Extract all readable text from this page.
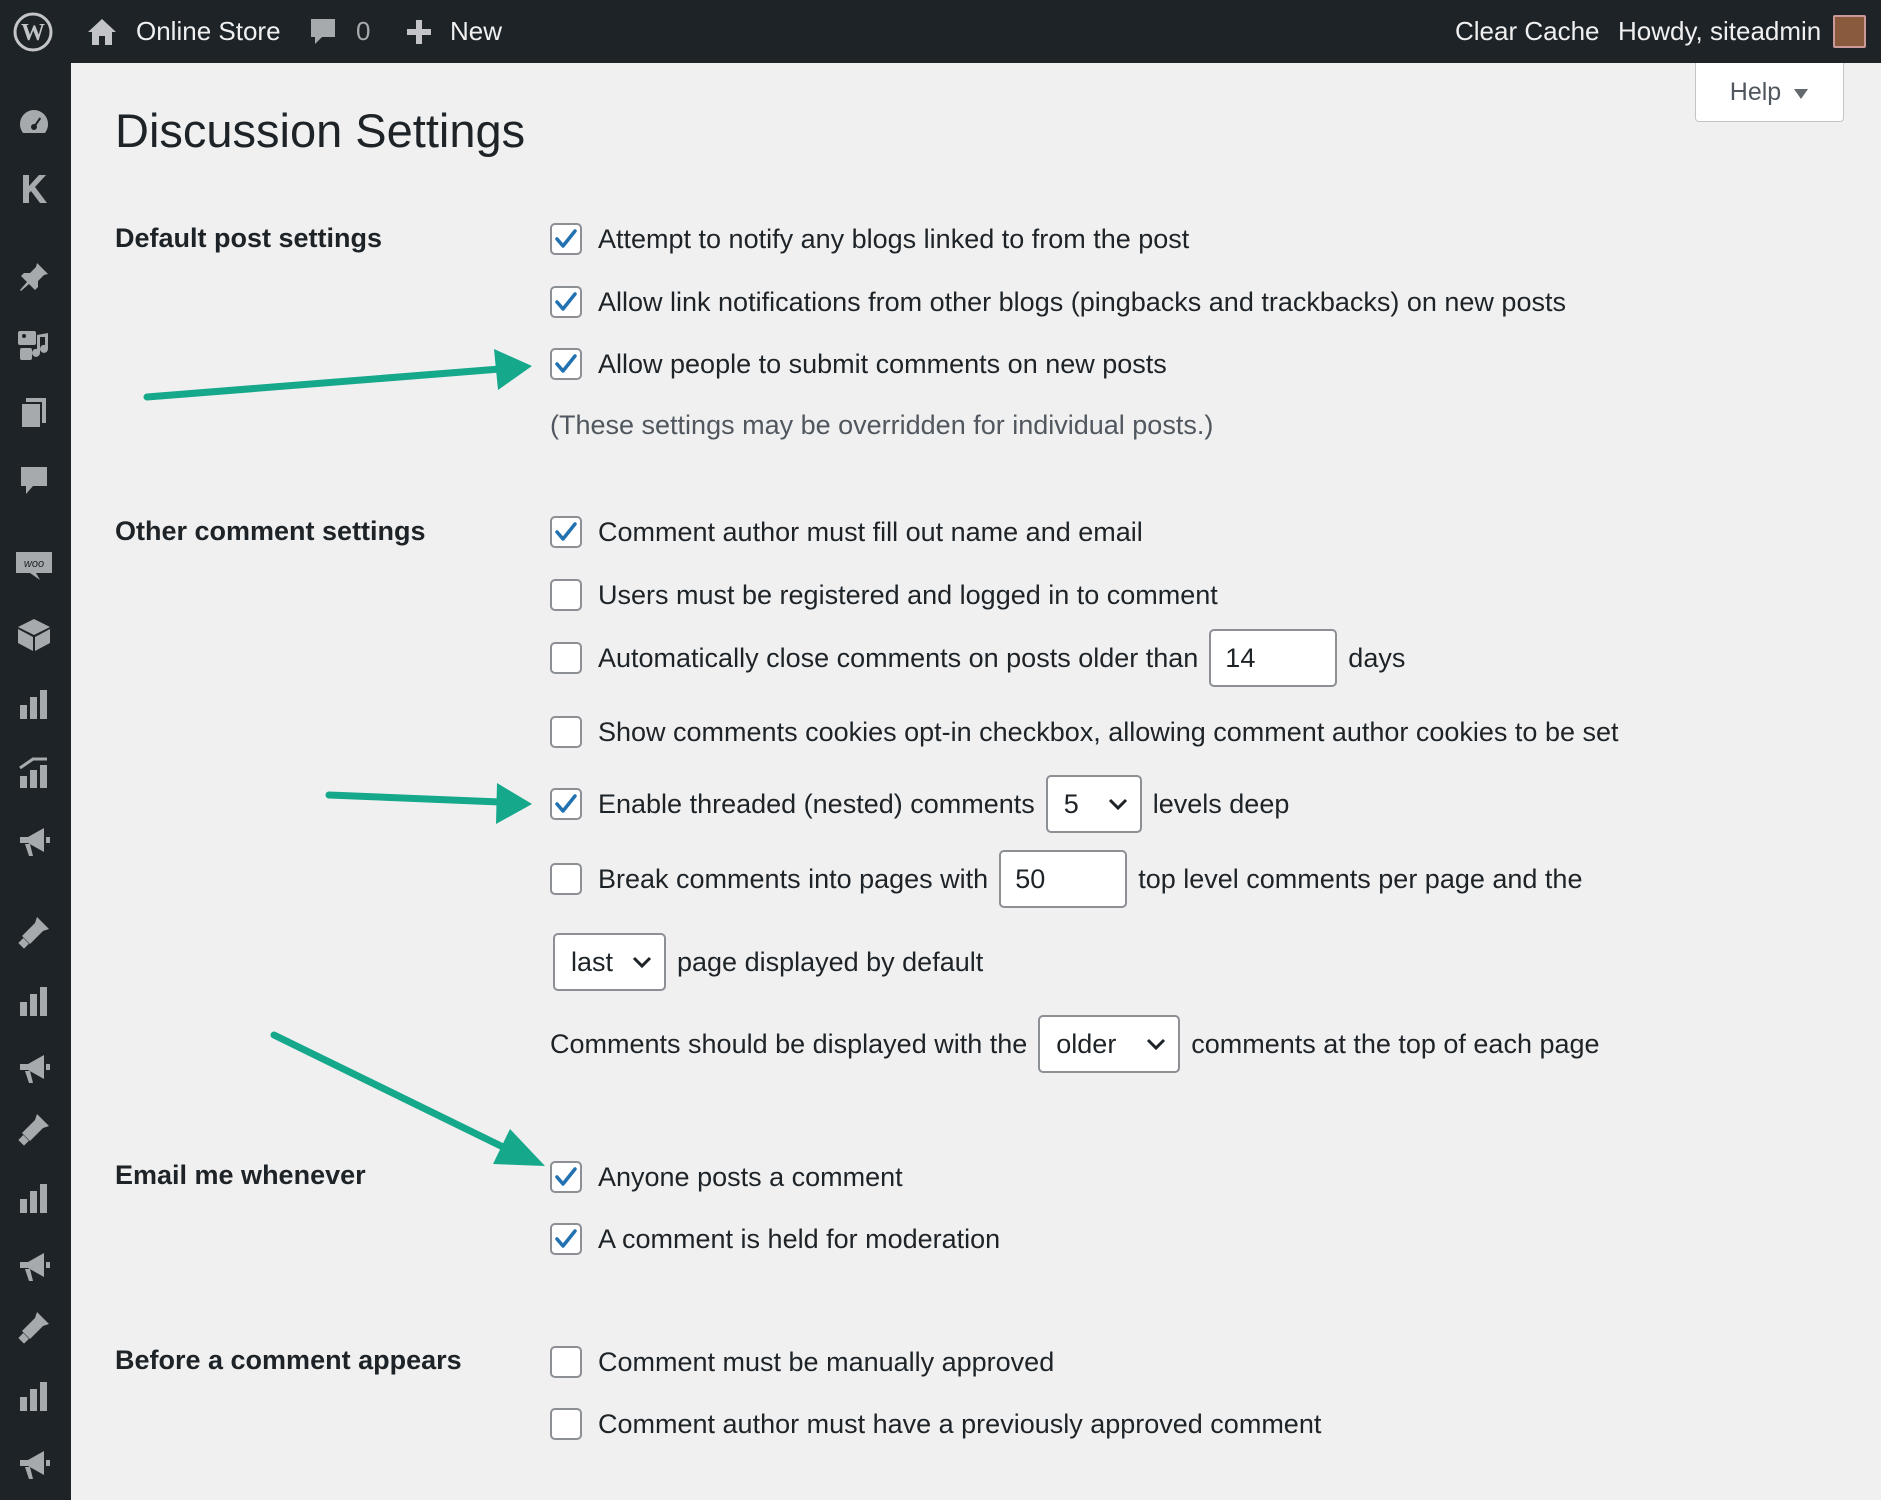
W	Online Store	0	New	Clear Cache Howdy, siteadmin
woo
Help
Discussion Settings
Default post settings	Attempt to notify any blogs linked to from the post
Allow link notifications from other blogs (pingbacks and trackbacks) on new posts
Allow people to submit comments on new posts
(These settings may be overridden for individual posts.)
Other comment settings	Comment author must fill out name and email
Users must be registered and logged in to comment
Automatically close comments on posts older than	14	days
Show comments cookies opt-in checkbox, allowing comment author cookies to be set
Enable threaded (nested) comments 5	levels deep
Break comments into pages with	50	top level comments per page and the
last page displayed by default
Comments should be displayed with the older	comments at the top of each page
Email me whenever	Anyone posts a comment
A comment is held for moderation
Before a comment appears	Comment must be manually approved
Comment author must have a previously approved comment
